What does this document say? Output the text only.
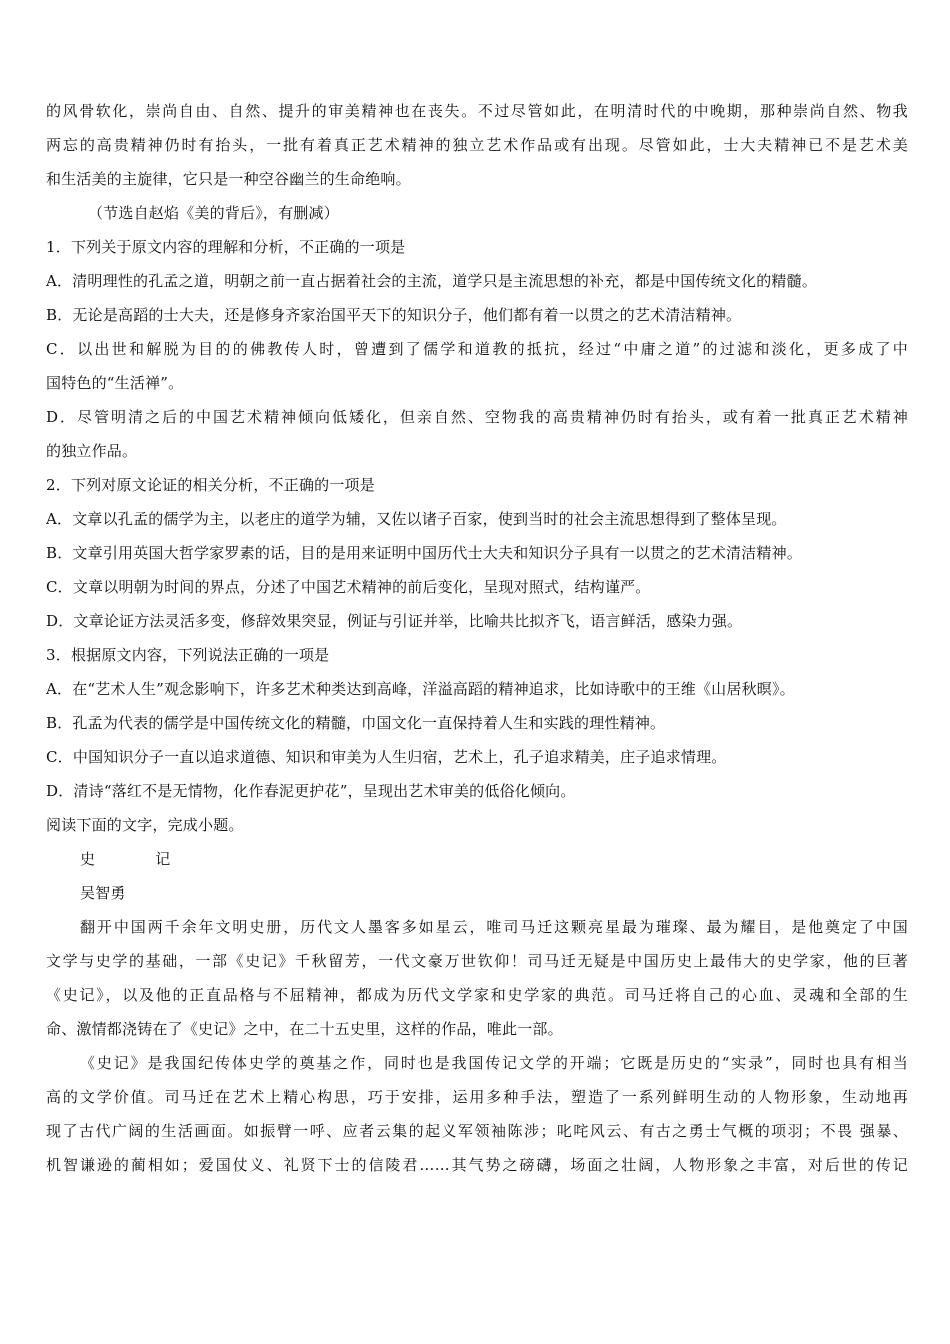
的风骨软化，崇尚自由、自然、提升的审美精神也在丧失。不过尽管如此，在明清时代的中晚期，那种崇尚自然、物我
两忘的高贵精神仍时有抬头，一批有着真正艺术精神的独立艺术作品或有出现。尽管如此，士大夫精神已不是艺术美
和生活美的主旋律，它只是一种空谷幽兰的生命绝响。
（节选自赵焰《美的背后》，有删减）
1．下列关于原文内容的理解和分析，不正确的一项是
A．清明理性的孔孟之道，明朝之前一直占据着社会的主流，道学只是主流思想的补充，都是中国传统文化的精髓。
B．无论是高蹈的士大夫，还是修身齐家治国平天下的知识分子，他们都有着一以贯之的艺术清洁精神。
C．以出世和解脱为目的的佛教传人时，曾遭到了儒学和道教的抵抗，经过“中庸之道”的过滤和淡化，更多成了中
国特色的“生活禅”。
D．尽管明清之后的中国艺术精神倾向低矮化，但亲自然、空物我的高贵精神仍时有抬头，或有着一批真正艺术精神
的独立作品。
2．下列对原文论证的相关分析，不正确的一项是
A．文章以孔孟的儒学为主，以老庄的道学为辅，又佐以诸子百家，使到当时的社会主流思想得到了整体呈现。
B．文章引用英国大哲学家罗素的话，目的是用来证明中国历代士大夫和知识分子具有一以贯之的艺术清洁精神。
C．文章以明朝为时间的界点，分述了中国艺术精神的前后变化，呈现对照式，结构谨严。
D．文章论证方法灵活多变，修辞效果突显，例证与引证并举，比喻共比拟齐飞，语言鲜活，感染力强。
3．根据原文内容，下列说法正确的一项是
A．在“艺术人生”观念影响下，许多艺术种类达到高峰，洋溢高蹈的精神追求，比如诗歌中的王维《山居秋暝》。
B．孔孟为代表的儒学是中国传统文化的精髓，巾国文化一直保持着人生和实践的理性精神。
C．中国知识分子一直以追求道德、知识和审美为人生归宿，艺术上，孔子追求精美，庄子追求情理。
D．清诗“落红不是无情物，化作春泥更护花”，呈现出艺术审美的低俗化倾向。
阅读下面的文字，完成小题。
史	记
吴智勇
翻开中国两千余年文明史册，历代文人墨客多如星云，唯司马迁这颗亮星最为璀璨、最为耀目，是他奠定了中国
文学与史学的基础，一部《史记》千秋留芳，一代文豪万世钦仰！司马迁无疑是中国历史上最伟大的史学家，他的巨著
《史记》，以及他的正直品格与不屈精神，都成为历代文学家和史学家的典范。司马迁将自己的心血、灵魂和全部的生
命、激情都浇铸在了《史记》之中，在二十五史里，这样的作品，唯此一部。
《史记》是我国纪传体史学的奠基之作，同时也是我国传记文学的开端；它既是历史的“实录”，同时也具有相当
高的文学价值。司马迁在艺术上精心构思，巧于安排，运用多种手法，塑造了一系列鲜明生动的人物形象，生动地再
现了古代广阔的生活画面。如振臂一呼、应者云集的起义军领袖陈涉；叱咤风云、有古之勇士气概的项羽；不畏 强暴、
机智谦逊的蔺相如；爱国仗义、礼贤下士的信陵君……其气势之磅礴，场面之壮阔，人物形象之丰富，对后世的传记
